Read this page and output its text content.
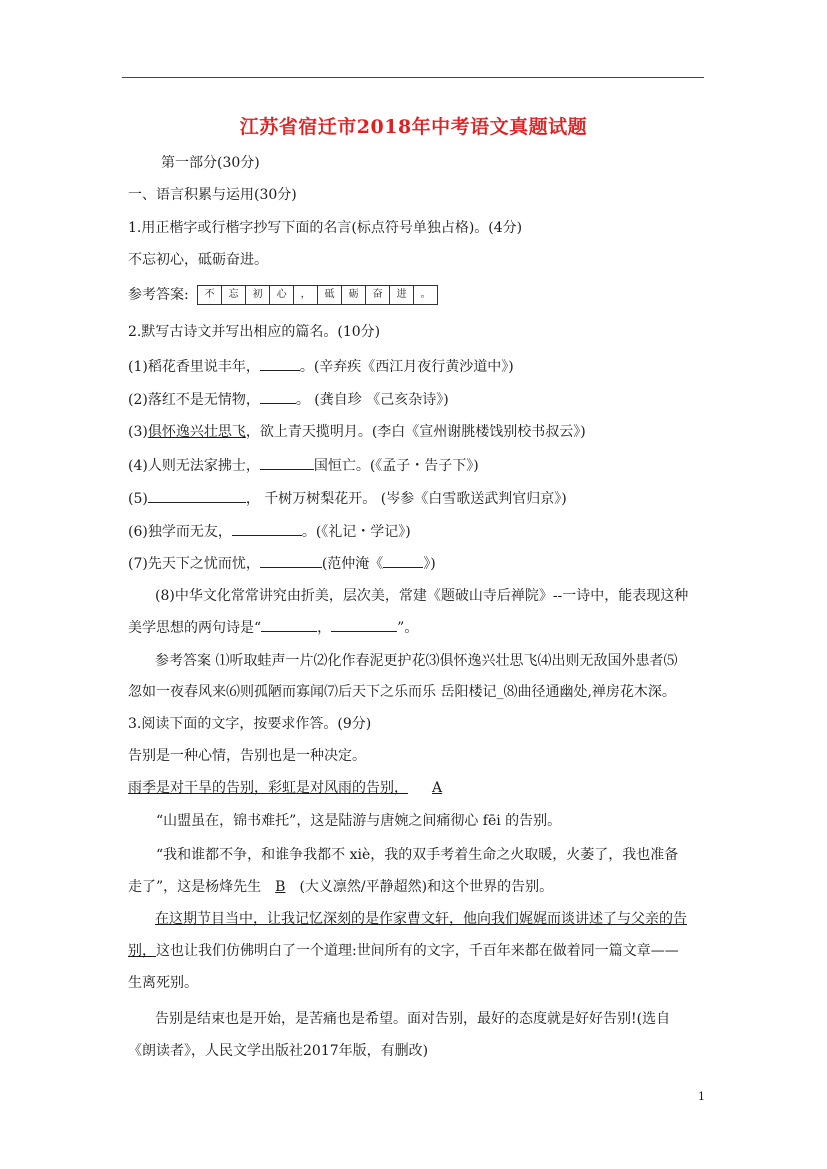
江苏省宿迁市2018年中考语文真题试题
第一部分(30分)
一、语言积累与运用(30分)
1.用正楷字或行楷字抄写下面的名言(标点符号单独占格)。(4分)
不忘初心，砥砺奋进。
参考答案:	不	忘	初	心	，	砥	砺	奋	进	。
2.默写古诗文并写出相应的篇名。(10分)
(1)稻花香里说丰年，	。(辛弃疾《西江月夜行黄沙道中》)
(2)落红不是无情物，	。 (龚自珍 《己亥杂诗》)
(3)俱怀逸兴壮思飞，欲上青天揽明月。(李白《宣州谢朓楼饯别校书叔云》)
(4)人则无法家拂士，	国恒亡。(《孟子・告子下》)
(5)	， 千树万树梨花开。 (岑参《白雪歌送武判官归京》)
(6)独学而无友，	。(《礼记・学记》)
(7)先天下之忧而忧，	(范仲淹《	》)
(8)中华文化常常讲究由折美，层次美，常建《题破山寺后禅院》--一诗中，能表现这种
美学思想的两句诗是“	，	”。
参考答案 ⑴听取蛙声一片⑵化作春泥更护花⑶俱怀逸兴壮思飞⑷出则无敌国外患者⑸
忽如一夜春风来⑹则孤陋而寡闻⑺后天下之乐而乐 岳阳楼记_⑻曲径通幽处,禅房花木深。
3.阅读下面的文字，按要求作答。(9分)
告别是一种心情，告别也是一种决定。
雨季是对干旱的告别，彩虹是对风雨的告别， A
“山盟虽在，锦书难托”，这是陆游与唐婉之间痛彻心 fēi 的告别。
“我和谁都不争，和谁争我都不 xiè，我的双手考着生命之火取暖，火萎了，我也准备
走了”，这是杨烽先生 B (大义凛然/平静超然)和这个世界的告别。
在这期节目当中，让我记忆深刻的是作家曹文轩，他向我们娓娓而谈讲述了与父亲的告
别，这也让我们仿佛明白了一个道理:世间所有的文字，千百年来都在做着同一篇文章——
生离死别。
告别是结束也是开始，是苦痛也是希望。面对告别，最好的态度就是好好告别!(选自
《朗读者》，人民文学出版社2017年版，有删改)
1
